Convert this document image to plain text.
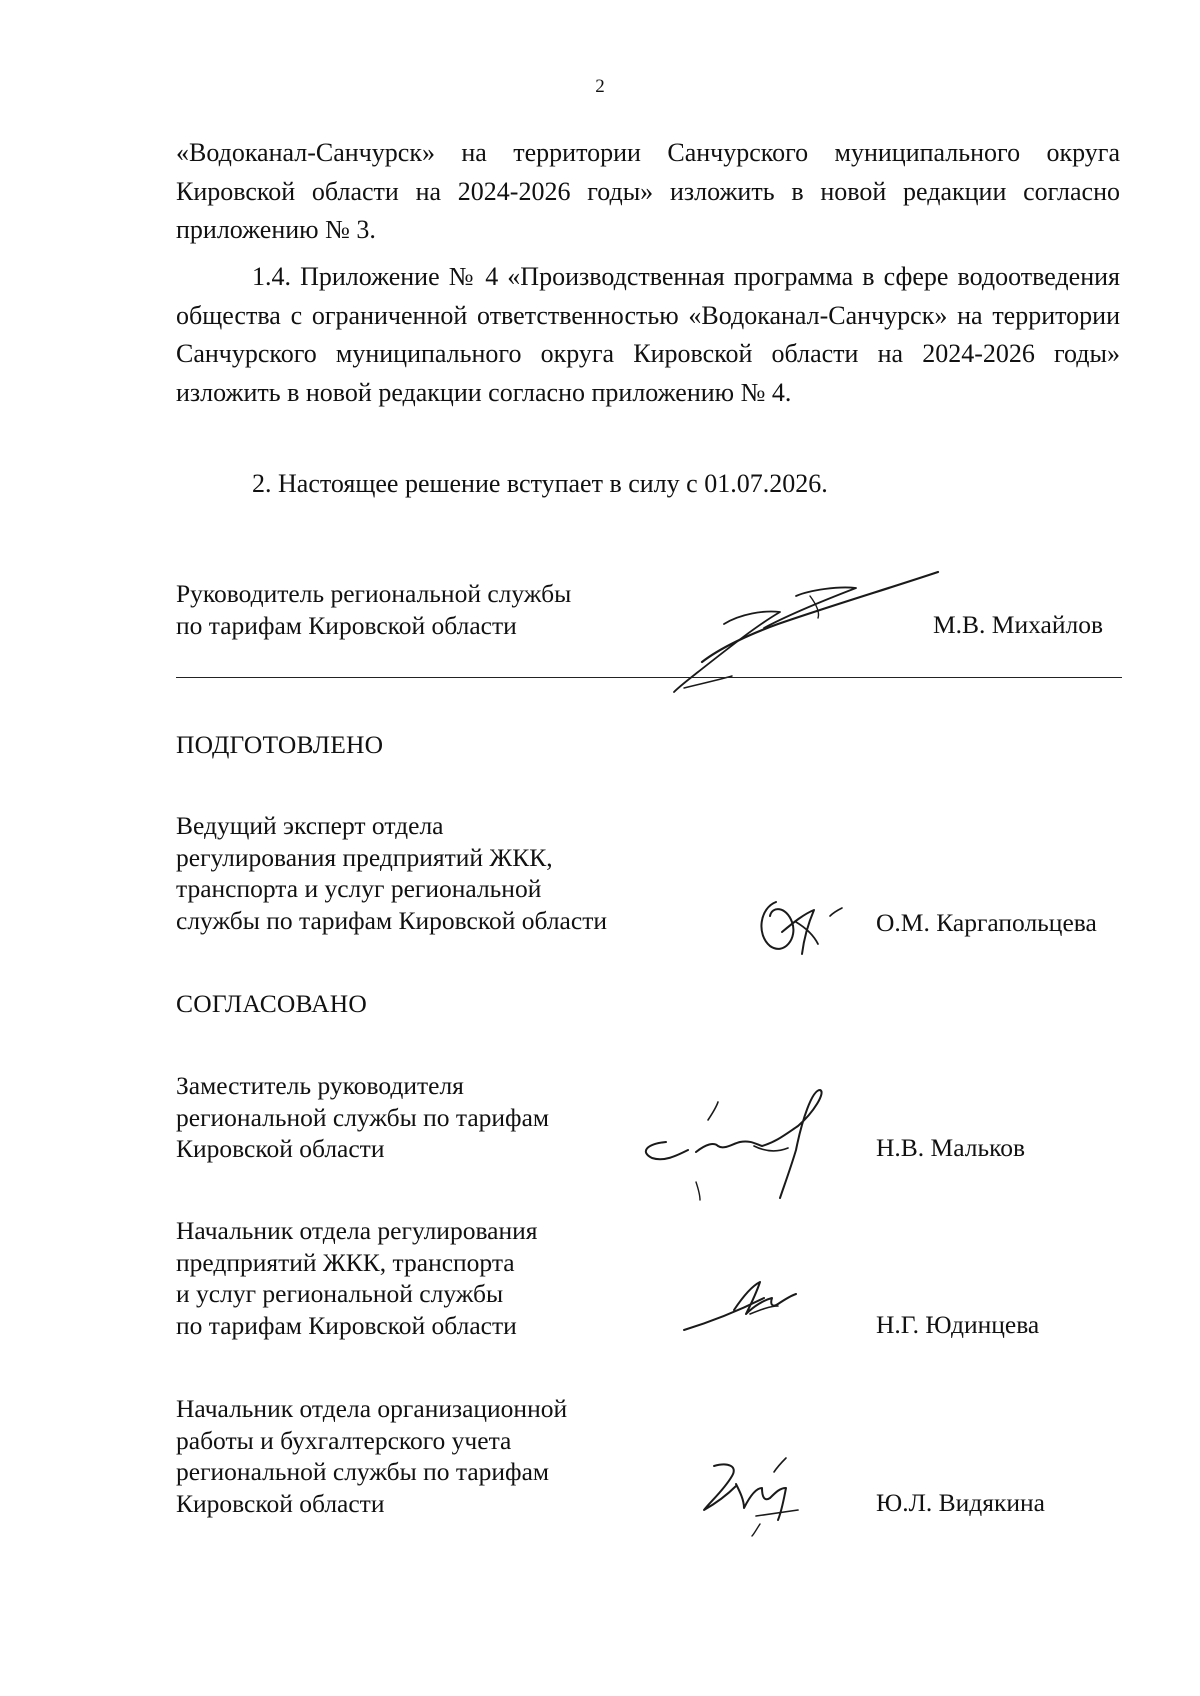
2

«Водоканал-Санчурск» на территории Санчурского муниципального округа Кировской области на 2024-2026 годы» изложить в новой редакции согласно приложению № 3.

1.4. Приложение № 4 «Производственная программа в сфере водоотведения общества с ограниченной ответственностью «Водоканал-Санчурск» на территории Санчурского муниципального округа Кировской области на 2024-2026 годы» изложить в новой редакции согласно приложению № 4.

2. Настоящее решение вступает в силу с 01.07.2026.

Руководитель региональной службы
по тарифам Кировской области	М.В. Михайлов
ПОДГОТОВЛЕНО
Ведущий эксперт отдела
регулирования предприятий ЖКК,
транспорта и услуг региональной
службы по тарифам Кировской области	О.М. Каргапольцева
СОГЛАСОВАНО
Заместитель руководителя
региональной службы по тарифам
Кировской области	Н.В. Мальков
Начальник отдела регулирования
предприятий ЖКК, транспорта
и услуг региональной службы
по тарифам Кировской области	Н.Г. Юдинцева
Начальник отдела организационной
работы и бухгалтерского учета
региональной службы по тарифам
Кировской области	Ю.Л. Видякина
